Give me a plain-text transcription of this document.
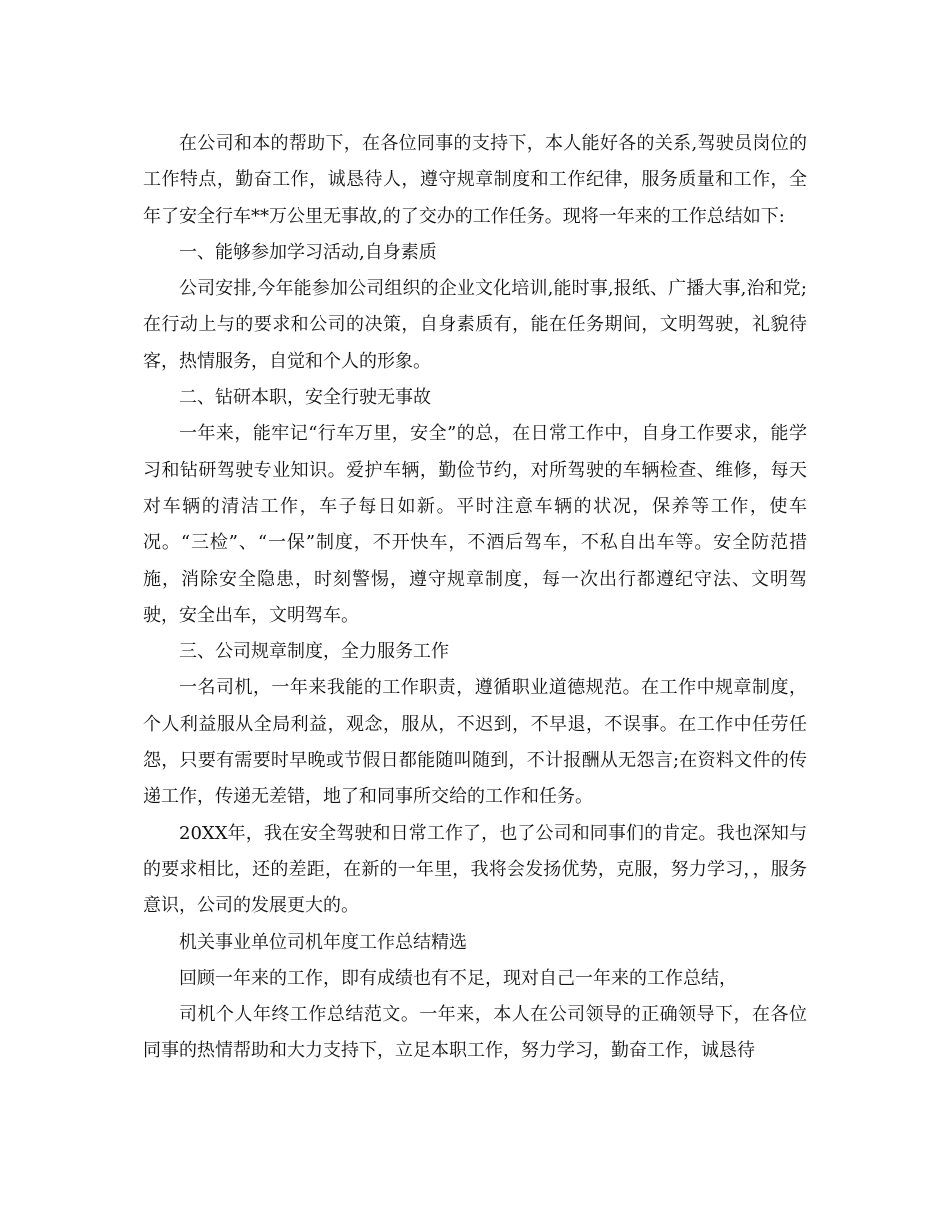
在公司和本的帮助下，在各位同事的支持下，本人能好各的关系,驾驶员岗位的工作特点，勤奋工作，诚恳待人，遵守规章制度和工作纪律，服务质量和工作，全年了安全行车**万公里无事故,的了交办的工作任务。现将一年来的工作总结如下:

一、能够参加学习活动,自身素质

公司安排,今年能参加公司组织的企业文化培训,能时事,报纸、广播大事,治和党;在行动上与的要求和公司的决策，自身素质有，能在任务期间，文明驾驶，礼貌待客，热情服务，自觉和个人的形象。

二、钻研本职，安全行驶无事故

一年来，能牢记“行车万里，安全”的总，在日常工作中，自身工作要求，能学习和钻研驾驶专业知识。爱护车辆，勤俭节约，对所驾驶的车辆检查、维修，每天对车辆的清洁工作，车子每日如新。平时注意车辆的状况，保养等工作，使车况。“三检”、“一保”制度，不开快车，不酒后驾车，不私自出车等。安全防范措施，消除安全隐患，时刻警惕，遵守规章制度，每一次出行都遵纪守法、文明驾驶，安全出车，文明驾车。

三、公司规章制度，全力服务工作

一名司机，一年来我能的工作职责，遵循职业道德规范。在工作中规章制度，个人利益服从全局利益，观念，服从，不迟到，不早退，不误事。在工作中任劳任怨，只要有需要时早晚或节假日都能随叫随到，不计报酬从无怨言;在资料文件的传递工作，传递无差错，地了和同事所交给的工作和任务。

20XX年，我在安全驾驶和日常工作了，也了公司和同事们的肯定。我也深知与的要求相比，还的差距，在新的一年里，我将会发扬优势，克服，努力学习，，服务意识，公司的发展更大的。

机关事业单位司机年度工作总结精选

回顾一年来的工作，即有成绩也有不足，现对自己一年来的工作总结，

司机个人年终工作总结范文。一年来，本人在公司领导的正确领导下，在各位同事的热情帮助和大力支持下，立足本职工作，努力学习，勤奋工作，诚恳待
